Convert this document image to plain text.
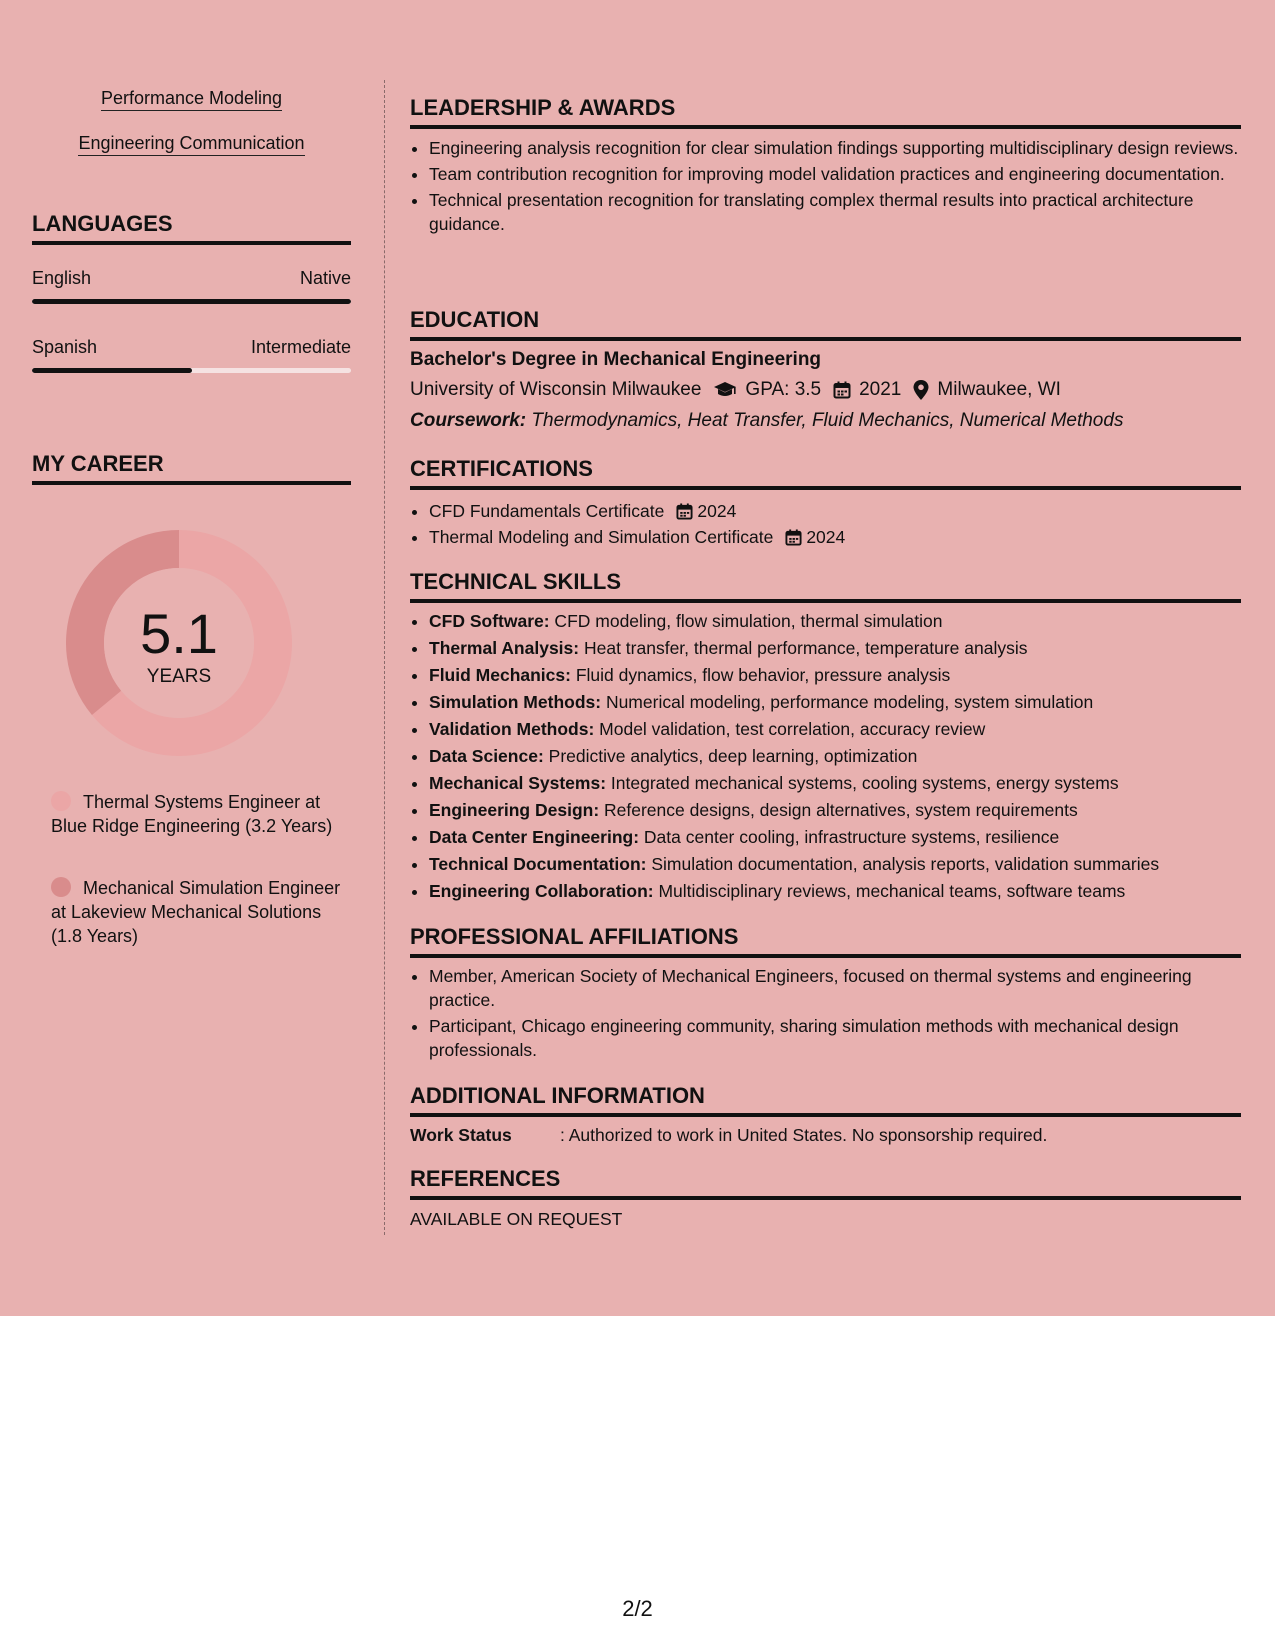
Performance Modeling
Engineering Communication
LANGUAGES
English	Native
Spanish	Intermediate
MY CAREER
5.1
YEARS
Thermal Systems Engineer at Blue Ridge Engineering (3.2 Years)
Mechanical Simulation Engineer at Lakeview Mechanical Solutions (1.8 Years)
LEADERSHIP & AWARDS
• Engineering analysis recognition for clear simulation findings supporting multidisciplinary design reviews.
• Team contribution recognition for improving model validation practices and engineering documentation.
• Technical presentation recognition for translating complex thermal results into practical architecture guidance.
EDUCATION
Bachelor's Degree in Mechanical Engineering
University of Wisconsin Milwaukee GPA: 3.5 2021 Milwaukee, WI
Coursework: Thermodynamics, Heat Transfer, Fluid Mechanics, Numerical Methods
CERTIFICATIONS
• CFD Fundamentals Certificate 2024
• Thermal Modeling and Simulation Certificate 2024
TECHNICAL SKILLS
• CFD Software: CFD modeling, flow simulation, thermal simulation
• Thermal Analysis: Heat transfer, thermal performance, temperature analysis
• Fluid Mechanics: Fluid dynamics, flow behavior, pressure analysis
• Simulation Methods: Numerical modeling, performance modeling, system simulation
• Validation Methods: Model validation, test correlation, accuracy review
• Data Science: Predictive analytics, deep learning, optimization
• Mechanical Systems: Integrated mechanical systems, cooling systems, energy systems
• Engineering Design: Reference designs, design alternatives, system requirements
• Data Center Engineering: Data center cooling, infrastructure systems, resilience
• Technical Documentation: Simulation documentation, analysis reports, validation summaries
• Engineering Collaboration: Multidisciplinary reviews, mechanical teams, software teams
PROFESSIONAL AFFILIATIONS
• Member, American Society of Mechanical Engineers, focused on thermal systems and engineering practice.
• Participant, Chicago engineering community, sharing simulation methods with mechanical design professionals.
ADDITIONAL INFORMATION
Work Status	: Authorized to work in United States. No sponsorship required.
REFERENCES
AVAILABLE ON REQUEST
2/2
